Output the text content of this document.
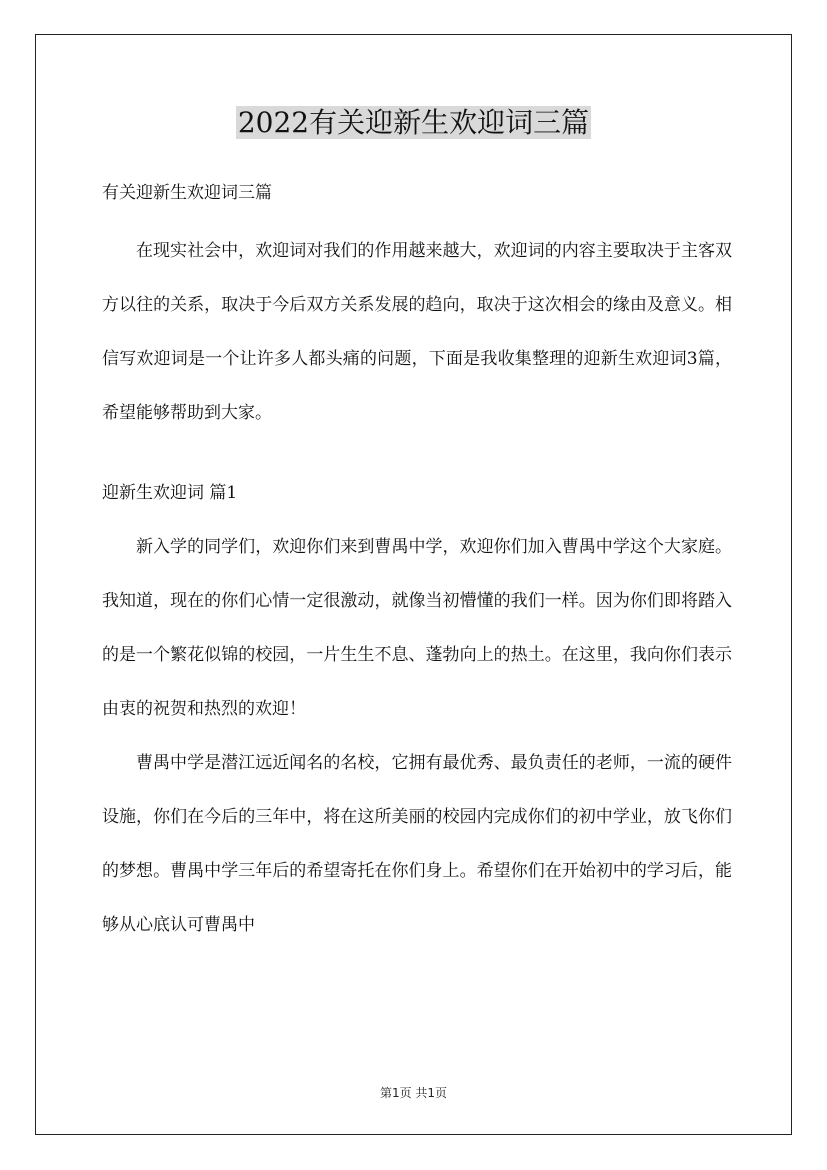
2022有关迎新生欢迎词三篇

有关迎新生欢迎词三篇

在现实社会中，欢迎词对我们的作用越来越大，欢迎词的内容主要取决于主客双方以往的关系，取决于今后双方关系发展的趋向，取决于这次相会的缘由及意义。相信写欢迎词是一个让许多人都头痛的问题，下面是我收集整理的迎新生欢迎词3篇，希望能够帮助到大家。

迎新生欢迎词 篇1

新入学的同学们，欢迎你们来到曹禺中学，欢迎你们加入曹禺中学这个大家庭。我知道，现在的你们心情一定很激动，就像当初懵懂的我们一样。因为你们即将踏入的是一个繁花似锦的校园，一片生生不息、蓬勃向上的热土。在这里，我向你们表示由衷的祝贺和热烈的欢迎！

曹禺中学是潜江远近闻名的名校，它拥有最优秀、最负责任的老师，一流的硬件设施，你们在今后的三年中，将在这所美丽的校园内完成你们的初中学业，放飞你们的梦想。曹禺中学三年后的希望寄托在你们身上。希望你们在开始初中的学习后，能够从心底认可曹禺中

第1页 共1页
